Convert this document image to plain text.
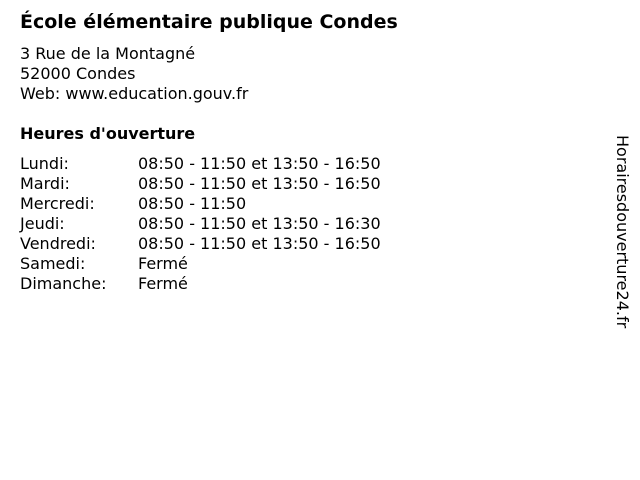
École élémentaire publique Condes
3 Rue de la Montagné
52000 Condes
Web: www.education.gouv.fr
Heures d'ouverture
Lundi:	08:50 - 11:50 et 13:50 - 16:50
Mardi:	08:50 - 11:50 et 13:50 - 16:50
Mercredi:	08:50 - 11:50
Jeudi:	08:50 - 11:50 et 13:50 - 16:30
Vendredi:	08:50 - 11:50 et 13:50 - 16:50
Samedi:	Fermé
Dimanche:	Fermé	Horairesdouverture24.fr
